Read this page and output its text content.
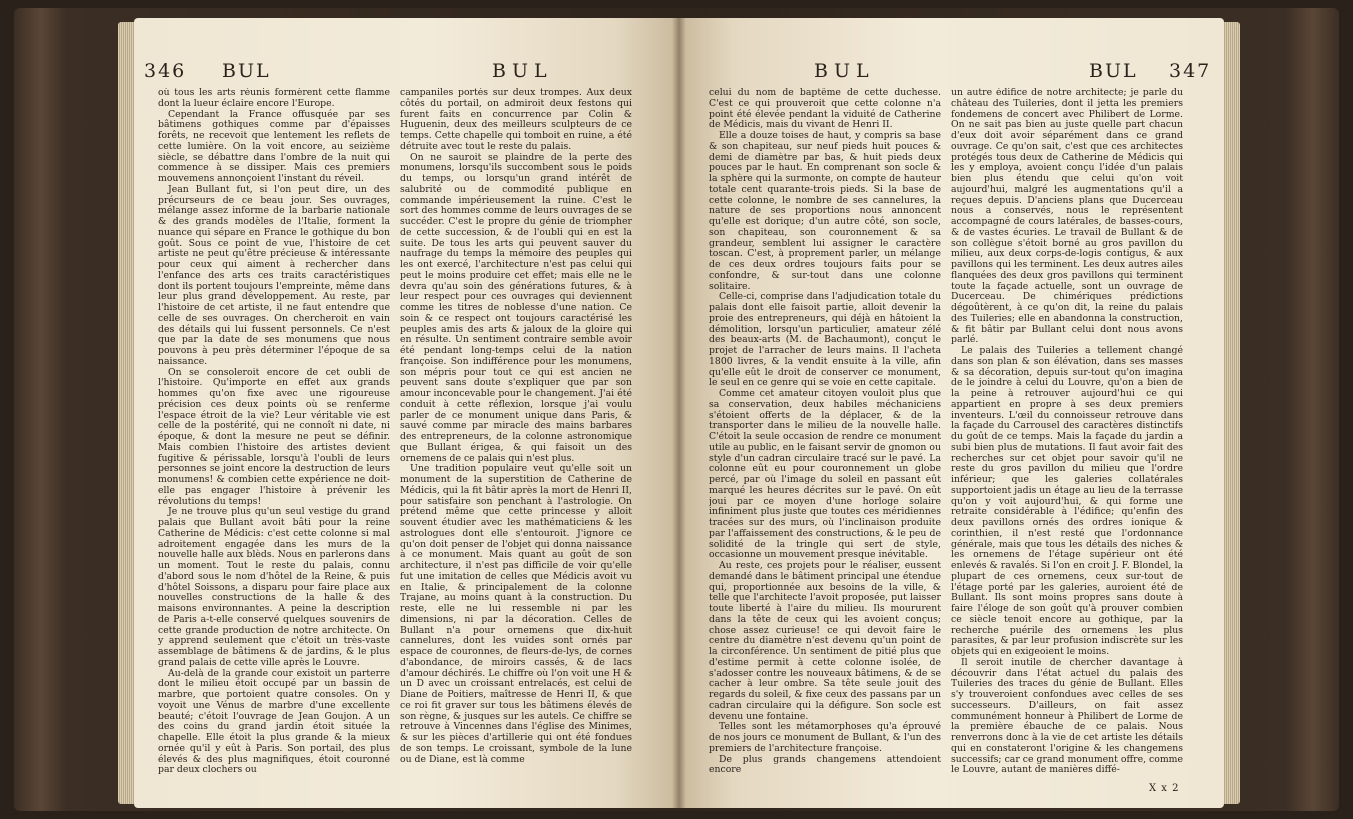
346 BUL	BUL

où tous les arts réunis formèrent cette flamme dont la lueur éclaire encore l'Europe.

Cependant la France offusquée par ses bâtimens gothiques comme par d'épaisses forêts, ne recevoit que lentement les reflets de cette lumière. On la voit encore, au seizième siècle, se débattre dans l'ombre de la nuit qui commence à se dissiper. Mais ces premiers mouvemens annonçoient l'instant du réveil.

Jean Bullant fut, si l'on peut dire, un des précurseurs de ce beau jour. Ses ouvrages, mélange assez informe de la barbarie nationale & des grands modèles de l'Italie, forment la nuance qui sépare en France le gothique du bon goût. Sous ce point de vue, l'histoire de cet artiste ne peut qu'être précieuse & intéressante pour ceux qui aiment à rechercher dans l'enfance des arts ces traits caractéristiques dont ils portent toujours l'empreinte, même dans leur plus grand développement. Au reste, par l'histoire de cet artiste, il ne faut entendre que celle de ses ouvrages. On chercheroit en vain des détails qui lui fussent personnels. Ce n'est que par la date de ses monumens que nous pouvons à peu près déterminer l'époque de sa naissance.

On se consoleroit encore de cet oubli de l'histoire. Qu'importe en effet aux grands hommes qu'on fixe avec une rigoureuse précision ces deux points où se renferme l'espace étroit de la vie? Leur véritable vie est celle de la postérité, qui ne connoît ni date, ni époque, & dont la mesure ne peut se définir. Mais combien l'histoire des artistes devient fugitive & périssable, lorsqu'à l'oubli de leurs personnes se joint encore la destruction de leurs monumens! & combien cette expérience ne doit-elle pas engager l'histoire à prévenir les révolutions du temps!

Je ne trouve plus qu'un seul vestige du grand palais que Bullant avoit bâti pour la reine Catherine de Médicis: c'est cette colonne si mal adroitement engagée dans les murs de la nouvelle halle aux blèds. Nous en parlerons dans un moment. Tout le reste du palais, connu d'abord sous le nom d'hôtel de la Reine, & puis d'hôtel Soissons, a disparu pour faire place aux nouvelles constructions de la halle & des maisons environnantes. A peine la description de Paris a-t-elle conservé quelques souvenirs de cette grande production de notre architecte. On y apprend seulement que c'étoit un très-vaste assemblage de bâtimens & de jardins, & le plus grand palais de cette ville après le Louvre.

Au-delà de la grande cour existoit un parterre dont le milieu étoit occupé par un bassin de marbre, que portoient quatre consoles. On y voyoit une Vénus de marbre d'une excellente beauté; c'étoit l'ouvrage de Jean Goujon. A un des coins du grand jardin étoit située la chapelle. Elle étoit la plus grande & la mieux ornée qu'il y eût à Paris. Son portail, des plus élevés & des plus magnifiques, étoit couronné par deux clochers ou

campaniles portés sur deux trompes. Aux deux côtés du portail, on admiroit deux festons qui furent faits en concurrence par Colin & Huguenin, deux des meilleurs sculpteurs de ce temps. Cette chapelle qui tomboit en ruine, a été détruite avec tout le reste du palais.

On ne sauroit se plaindre de la perte des monumens, lorsqu'ils succombent sous le poids du temps, ou lorsqu'un grand intérêt de salubrité ou de commodité publique en commande impérieusement la ruine. C'est le sort des hommes comme de leurs ouvrages de se succéder. C'est le propre du génie de triompher de cette succession, & de l'oubli qui en est la suite. De tous les arts qui peuvent sauver du naufrage du temps la mémoire des peuples qui les ont exercé, l'architecture n'est pas celui qui peut le moins produire cet effet; mais elle ne le devra qu'au soin des générations futures, & à leur respect pour ces ouvrages qui deviennent comme les titres de noblesse d'une nation. Ce soin & ce respect ont toujours caractérisé les peuples amis des arts & jaloux de la gloire qui en résulte. Un sentiment contraire semble avoir été pendant long-temps celui de la nation françoise. Son indifférence pour les monumens, son mépris pour tout ce qui est ancien ne peuvent sans doute s'expliquer que par son amour inconcevable pour le changement. J'ai été conduit à cette réflexion, lorsque j'ai voulu parler de ce monument unique dans Paris, & sauvé comme par miracle des mains barbares des entrepreneurs, de la colonne astronomique que Bullant érigea, & qui faisoit un des ornemens de ce palais qui n'est plus.

Une tradition populaire veut qu'elle soit un monument de la superstition de Catherine de Médicis, qui la fit bâtir après la mort de Henri II, pour satisfaire son penchant à l'astrologie. On prétend même que cette princesse y alloit souvent étudier avec les mathématiciens & les astrologues dont elle s'entouroit. J'ignore ce qu'on doit penser de l'objet qui donna naissance à ce monument. Mais quant au goût de son architecture, il n'est pas difficile de voir qu'elle fut une imitation de celles que Médicis avoit vu en Italie, & principalement de la colonne Trajane, au moins quant à la construction. Du reste, elle ne lui ressemble ni par les dimensions, ni par la décoration. Celles de Bullant n'a pour ornemens que dix-huit cannelures, dont les vuides sont ornés par espace de couronnes, de fleurs-de-lys, de cornes d'abondance, de miroirs cassés, & de lacs d'amour déchirés. Le chiffre où l'on voit une H & un D avec un croissant entrelacés, est celui de Diane de Poitiers, maîtresse de Henri II, & que ce roi fit graver sur tous les bâtimens élevés de son règne, & jusques sur les autels. Ce chiffre se retrouve à Vincennes dans l'église des Minimes, & sur les pièces d'artillerie qui ont été fondues de son temps. Le croissant, symbole de la lune ou de Diane, est là comme

BUL	BUL 347

celui du nom de baptême de cette duchesse. C'est ce qui prouveroit que cette colonne n'a point été élevée pendant la viduité de Catherine de Médicis, mais du vivant de Henri II.

Elle a douze toises de haut, y compris sa base & son chapiteau, sur neuf pieds huit pouces & demi de diamètre par bas, & huit pieds deux pouces par le haut. En comprenant son socle & la sphère qui la surmonte, on compte de hauteur totale cent quarante-trois pieds. Si la base de cette colonne, le nombre de ses cannelures, la nature de ses proportions nous annoncent qu'elle est dorique; d'un autre côté, son socle, son chapiteau, son couronnement & sa grandeur, semblent lui assigner le caractère toscan. C'est, à proprement parler, un mélange de ces deux ordres toujours faits pour se confondre, & sur-tout dans une colonne solitaire.

Celle-ci, comprise dans l'adjudication totale du palais dont elle faisoit partie, alloit devenir la proie des entrepreneurs, qui déjà en hâtoient la démolition, lorsqu'un particulier, amateur zélé des beaux-arts (M. de Bachaumont), conçut le projet de l'arracher de leurs mains. Il l'acheta 1800 livres, & la vendit ensuite à la ville, afin qu'elle eût le droit de conserver ce monument, le seul en ce genre qui se voie en cette capitale.

Comme cet amateur citoyen vouloit plus que sa conservation, deux habiles méchaniciens s'étoient offerts de la déplacer, & de la transporter dans le milieu de la nouvelle halle. C'étoit la seule occasion de rendre ce monument utile au public, en le faisant servir de gnomon ou style d'un cadran circulaire tracé sur le pavé. La colonne eût eu pour couronnement un globe percé, par où l'image du soleil en passant eût marqué les heures décrites sur le pavé. On eût joui par ce moyen d'une horloge solaire infiniment plus juste que toutes ces méridiennes tracées sur des murs, où l'inclinaison produite par l'affaissement des constructions, & le peu de solidité de la tringle qui sert de style, occasionne un mouvement presque inévitable.

Au reste, ces projets pour le réaliser, eussent demandé dans le bâtiment principal une étendue qui, proportionnée aux besoins de la ville, & telle que l'architecte l'avoit proposée, put laisser toute liberté à l'aire du milieu. Ils moururent dans la tête de ceux qui les avoient conçus; chose assez curieuse! ce qui devoit faire le centre du diamètre n'est devenu qu'un point de la circonférence. Un sentiment de pitié plus que d'estime permit à cette colonne isolée, de s'adosser contre les nouveaux bâtimens, & de se cacher à leur ombre. Sa tête seule jouit des regards du soleil, & fixe ceux des passans par un cadran circulaire qui la défigure. Son socle est devenu une fontaine.

Telles sont les métamorphoses qu'a éprouvé de nos jours ce monument de Bullant, & l'un des premiers de l'architecture françoise.

De plus grands changemens attendoient encore

un autre édifice de notre architecte; je parle du château des Tuileries, dont il jetta les premiers fondemens de concert avec Philibert de Lorme. On ne sait pas bien au juste quelle part chacun d'eux doit avoir séparément dans ce grand ouvrage. Ce qu'on sait, c'est que ces architectes protégés tous deux de Catherine de Médicis qui les y employa, avoient conçu l'idée d'un palais bien plus étendu que celui qu'on voit aujourd'hui, malgré les augmentations qu'il a reçues depuis. D'anciens plans que Ducerceau nous a conservés, nous le représentent accompagné de cours latérales, de basses-cours, & de vastes écuries. Le travail de Bullant & de son collègue s'étoit borné au gros pavillon du milieu, aux deux corps-de-logis contigus, & aux pavillons qui les terminent. Les deux autres ailes flanquées des deux gros pavillons qui terminent toute la façade actuelle, sont un ouvrage de Ducerceau. De chimériques prédictions dégoûtèrent, à ce qu'on dit, la reine du palais des Tuileries; elle en abandonna la construction, & fit bâtir par Bullant celui dont nous avons parlé.

Le palais des Tuileries a tellement changé dans son plan & son élévation, dans ses masses & sa décoration, depuis sur-tout qu'on imagina de le joindre à celui du Louvre, qu'on a bien de la peine à retrouver aujourd'hui ce qui appartient en propre à ses deux premiers inventeurs. L'œil du connoisseur retrouve dans la façade du Carrousel des caractères distinctifs du goût de ce temps. Mais la façade du jardin a subi bien plus de mutations. Il faut avoir fait des recherches sur cet objet pour savoir qu'il ne reste du gros pavillon du milieu que l'ordre inférieur; que les galeries collatérales supportoient jadis un étage au lieu de la terrasse qu'on y voit aujourd'hui, & qui forme une retraite considérable à l'édifice; qu'enfin des deux pavillons ornés des ordres ionique & corinthien, il n'est resté que l'ordonnance générale, mais que tous les détails des niches & les ornemens de l'étage supérieur ont été enlevés & ravalés. Si l'on en croit J. F. Blondel, la plupart de ces ornemens, ceux sur-tout de l'étage porté par les galeries, auroient été de Bullant. Ils sont moins propres sans doute à faire l'éloge de son goût qu'à prouver combien ce siècle tenoit encore au gothique, par la recherche puérile des ornemens les plus parasites, & par leur profusion indiscrète sur les objets qui en exigeoient le moins.

Il seroit inutile de chercher davantage à découvrir dans l'état actuel du palais des Tuileries des traces du génie de Bullant. Elles s'y trouveroient confondues avec celles de ses successeurs. D'ailleurs, on fait assez communément honneur à Philibert de Lorme de la première ébauche de ce palais. Nous renverrons donc à la vie de cet artiste les détails qui en constateront l'origine & les changemens successifs; car ce grand monument offre, comme le Louvre, autant de manières diffé-

X x 2
